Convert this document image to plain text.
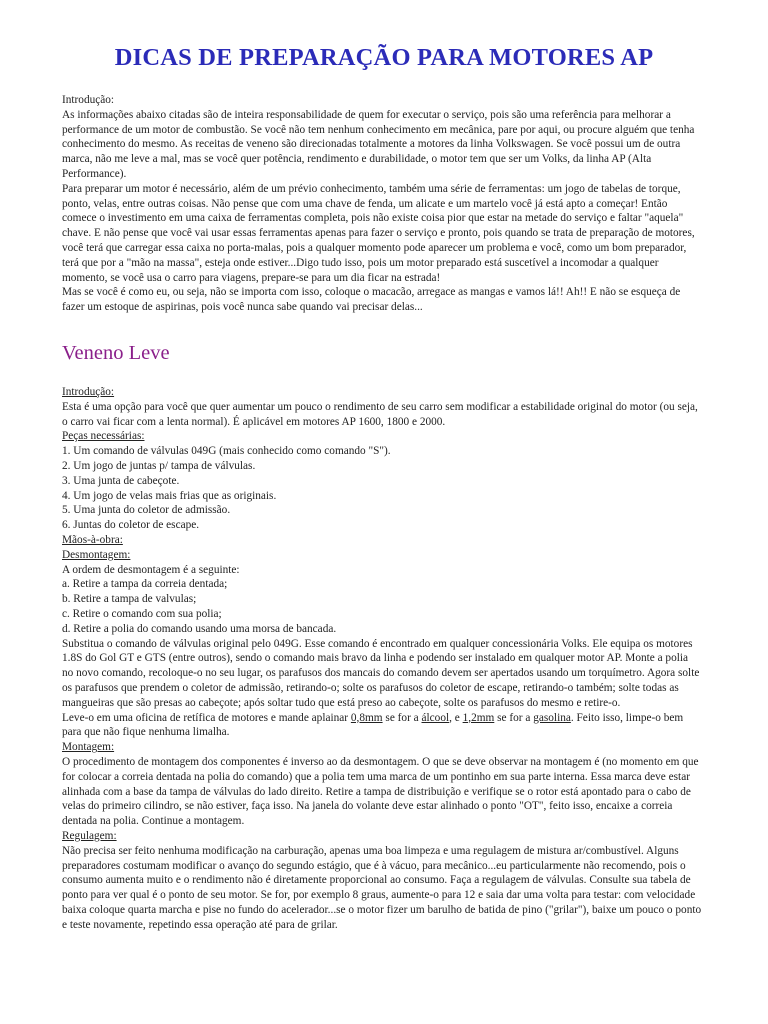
DICAS DE PREPARAÇÃO PARA MOTORES AP

Introdução:

As informações abaixo citadas são de inteira responsabilidade de quem for executar o serviço, pois são uma referência para melhorar a performance de um motor de combustão. Se você não tem nenhum conhecimento em mecânica, pare por aqui, ou procure alguém que tenha conhecimento do mesmo. As receitas de veneno são direcionadas totalmente a motores da linha Volkswagen. Se você possui um de outra marca, não me leve a mal, mas se você quer potência, rendimento e durabilidade, o motor tem que ser um Volks, da linha AP (Alta Performance).

Para preparar um motor é necessário, além de um prévio conhecimento, também uma série de ferramentas: um jogo de tabelas de torque, ponto, velas, entre outras coisas. Não pense que com uma chave de fenda, um alicate e um martelo você já está apto a começar! Então comece o investimento em uma caixa de ferramentas completa, pois não existe coisa pior que estar na metade do serviço e faltar "aquela" chave. E não pense que você vai usar essas ferramentas apenas para fazer o serviço e pronto, pois quando se trata de preparação de motores, você terá que carregar essa caixa no porta-malas, pois a qualquer momento pode aparecer um problema e você, como um bom preparador, terá que por a "mão na massa", esteja onde estiver...Digo tudo isso, pois um motor preparado está suscetível a incomodar a qualquer momento, se você usa o carro para viagens, prepare-se para um dia ficar na estrada!

Mas se você é como eu, ou seja, não se importa com isso, coloque o macacão, arregace as mangas e vamos lá!! Ah!! E não se esqueça de fazer um estoque de aspirinas, pois você nunca sabe quando vai precisar delas...

Veneno Leve

Introdução:

Esta é uma opção para você que quer aumentar um pouco o rendimento de seu carro sem modificar a estabilidade original do motor (ou seja, o carro vai ficar com a lenta normal). É aplicável em motores AP 1600, 1800 e 2000.

Peças necessárias:

1. Um comando de válvulas 049G (mais conhecido como comando "S").

2. Um jogo de juntas p/ tampa de válvulas.

3. Uma junta de cabeçote.

4. Um jogo de velas mais frias que as originais.

5. Uma junta do coletor de admissão.

6. Juntas do coletor de escape.

Mãos-à-obra:

Desmontagem:

A ordem de desmontagem é a seguinte:

a. Retire a tampa da correia dentada;

b. Retire a tampa de valvulas;

c. Retire o comando com sua polia;

d. Retire a polia do comando usando uma morsa de bancada.

Substitua o comando de válvulas original pelo 049G. Esse comando é encontrado em qualquer concessionária Volks. Ele equipa os motores 1.8S do Gol GT e GTS (entre outros), sendo o comando mais bravo da linha e podendo ser instalado em qualquer motor AP. Monte a polia no novo comando, recoloque-o no seu lugar, os parafusos dos mancais do comando devem ser apertados usando um torquímetro. Agora solte os parafusos que prendem o coletor de admissão, retirando-o; solte os parafusos do coletor de escape, retirando-o também; solte todas as mangueiras que são presas ao cabeçote; após soltar tudo que está preso ao cabeçote, solte os parafusos do mesmo e retire-o.

Leve-o em uma oficina de retífica de motores e mande aplainar 0,8mm se for a álcool, e 1,2mm se for a gasolina. Feito isso, limpe-o bem para que não fique nenhuma limalha.

Montagem:

O procedimento de montagem dos componentes é inverso ao da desmontagem. O que se deve observar na montagem é (no momento em que for colocar a correia dentada na polia do comando) que a polia tem uma marca de um pontinho em sua parte interna. Essa marca deve estar alinhada com a base da tampa de válvulas do lado direito. Retire a tampa de distribuição e verifique se o rotor está apontado para o cabo de velas do primeiro cilindro, se não estiver, faça isso. Na janela do volante deve estar alinhado o ponto "OT", feito isso, encaixe a correia dentada na polia. Continue a montagem.

Regulagem:

Não precisa ser feito nenhuma modificação na carburação, apenas uma boa limpeza e uma regulagem de mistura ar/combustível. Alguns preparadores costumam modificar o avanço do segundo estágio, que é à vácuo, para mecânico...eu particularmente não recomendo, pois o consumo aumenta muito e o rendimento não é diretamente proporcional ao consumo. Faça a regulagem de válvulas. Consulte sua tabela de ponto para ver qual é o ponto de seu motor. Se for, por exemplo 8 graus, aumente-o para 12 e saia dar uma volta para testar: com velocidade baixa coloque quarta marcha e pise no fundo do acelerador...se o motor fizer um barulho de batida de pino ("grilar"), baixe um pouco o ponto e teste novamente, repetindo essa operação até para de grilar.
